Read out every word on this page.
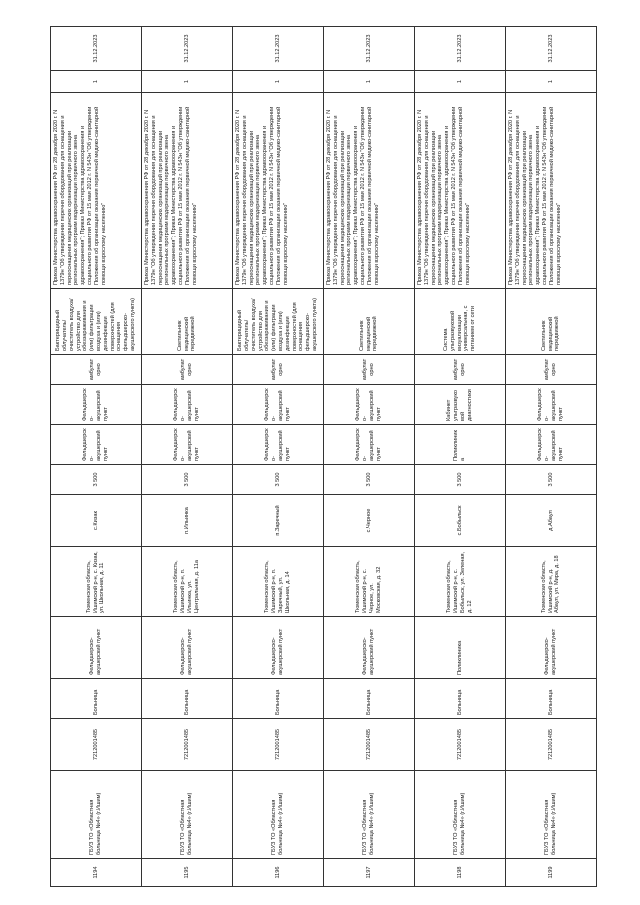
1194	ГБУЗ ТО «Областная больница №4» (г.Ишим)	7212001485	Больница	Фельдшерско-акушерский пункт	Тюменская область, Ишимский р-н, с. Кизак, ул. Школьная, д. 11	с.Кизак	3 500	Фельдшерско-акушерский пункт	Фельдшерско-акушерский пункт	амбулаторно	Бактерицидный облучатель/очиститель воздуха/устройство для обеззараживания и (или) фильтрации воздуха и (или) дезинфекции поверхностей (для оснащения фельдшерско-акушерского пункта)	Приказ Министерства здравоохранения РФ от 28 декабря 2020 г. N 1379н "Об утверждении перечня оборудования для оснащения и переоснащения медицинских организаций при реализации региональных программ модернизации первичного звена здравоохранения"; Приказ Министерства здравоохранения и социального развития РФ от 15 мая 2012 г. N 543н "Об утверждении Положения об организации оказания первичной медико-санитарной помощи взрослому населению"	1	31.12.2023
1195	ГБУЗ ТО «Областная больница №4» (г.Ишим)	7212001485	Больница	Фельдшерско-акушерский пункт	Тюменская область, Ишимский р-н, п. Ильинка, ул. Центральная, д. 11а	п.Ильинка	3 500	Фельдшерско-акушерский пункт	Фельдшерско-акушерский пункт	амбулаторно	Светильник медицинский передвижной	Приказ Министерства здравоохранения РФ от 28 декабря 2020 г. N 1379н "Об утверждении перечня оборудования для оснащения и переоснащения медицинских организаций при реализации региональных программ модернизации первичного звена здравоохранения"; Приказ Министерства здравоохранения и социального развития РФ от 15 мая 2012 г. N 543н "Об утверждении Положения об организации оказания первичной медико-санитарной помощи взрослому населению"	1	31.12.2023
1196	ГБУЗ ТО «Областная больница №4» (г.Ишим)	7212001485	Больница	Фельдшерско-акушерский пункт	Тюменская область, Ишимский р-н, п. Заречный, ул. Школьная, д. 14	п.Заречный	3 500	Фельдшерско-акушерский пункт	Фельдшерско-акушерский пункт	амбулаторно	Бактерицидный облучатель/очиститель воздуха/устройство для обеззараживания и (или) фильтрации воздуха и (или) дезинфекции поверхностей (для оснащения фельдшерско-акушерского пункта)	Приказ Министерства здравоохранения РФ от 28 декабря 2020 г. N 1379н "Об утверждении перечня оборудования для оснащения и переоснащения медицинских организаций при реализации региональных программ модернизации первичного звена здравоохранения"; Приказ Министерства здравоохранения и социального развития РФ от 15 мая 2012 г. N 543н "Об утверждении Положения об организации оказания первичной медико-санитарной помощи взрослому населению"	1	31.12.2023
1197	ГБУЗ ТО «Областная больница №4» (г.Ишим)	7212001485	Больница	Фельдшерско-акушерский пункт	Тюменская область, Ишимский р-н, с. Черное, ул. Московская, д. 32	с.Черное	3 500	Фельдшерско-акушерский пункт	Фельдшерско-акушерский пункт	амбулаторно	Светильник медицинский передвижной	Приказ Министерства здравоохранения РФ от 28 декабря 2020 г. N 1379н "Об утверждении перечня оборудования для оснащения и переоснащения медицинских организаций при реализации региональных программ модернизации первичного звена здравоохранения"; Приказ Министерства здравоохранения и социального развития РФ от 15 мая 2012 г. N 543н "Об утверждении Положения об организации оказания первичной медико-санитарной помощи взрослому населению"	1	31.12.2023
1198	ГБУЗ ТО «Областная больница №4» (г.Ишим)	7212001485	Больница	Поликлиника	Тюменская область, Ишимский р-н, с. Бобыльск, ул. Зеленая, д. 12	с.Бобыльск	3 500	Поликлиника	Кабинет ультразвуковой диагностики	амбулаторно	Система ультразвуковой визуализации универсальная, с питанием от сети	Приказ Министерства здравоохранения РФ от 28 декабря 2020 г. N 1379н "Об утверждении перечня оборудования для оснащения и переоснащения медицинских организаций при реализации региональных программ модернизации первичного звена здравоохранения"; Приказ Министерства здравоохранения и социального развития РФ от 15 мая 2012 г. N 543н "Об утверждении Положения об организации оказания первичной медико-санитарной помощи взрослому населению"	1	31.12.2023
1199	ГБУЗ ТО «Областная больница №4» (г.Ишим)	7212001485	Больница	Фельдшерско-акушерский пункт	Тюменская область, Ишимский р-н, д. Абаул, ул. Мира, д. 18	д.Абаул	3 500	Фельдшерско-акушерский пункт	Фельдшерско-акушерский пункт	амбулаторно	Светильник медицинский передвижной	Приказ Министерства здравоохранения РФ от 28 декабря 2020 г. N 1379н "Об утверждении перечня оборудования для оснащения и переоснащения медицинских организаций при реализации региональных программ модернизации первичного звена здравоохранения"; Приказ Министерства здравоохранения и социального развития РФ от 15 мая 2012 г. N 543н "Об утверждении Положения об организации оказания первичной медико-санитарной помощи взрослому населению"	1	31.12.2023
